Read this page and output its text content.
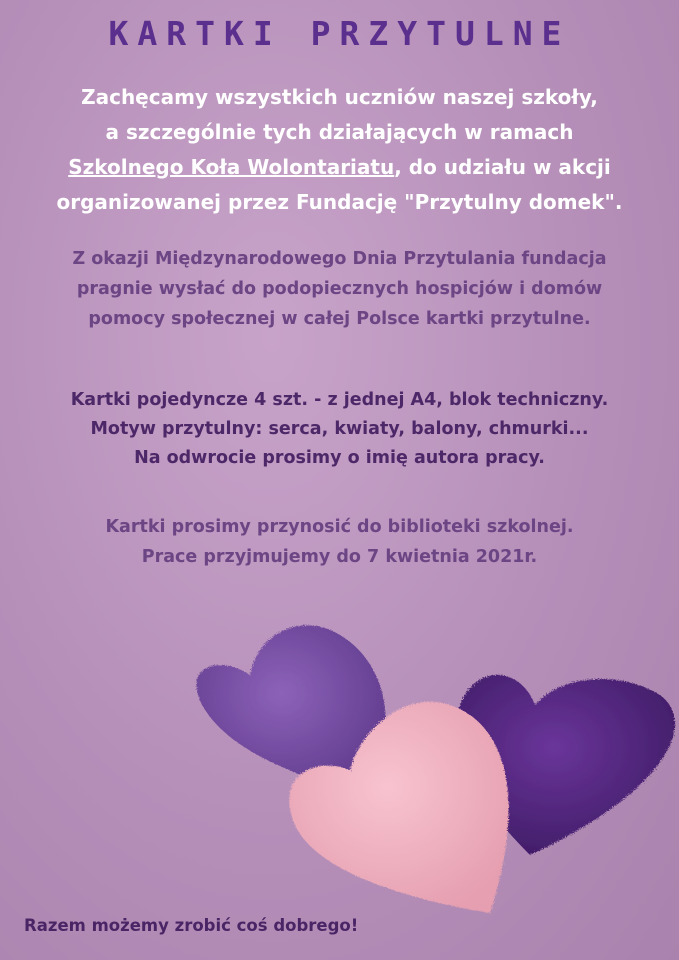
KARTKI PRZYTULNE
Zachęcamy wszystkich uczniów naszej szkoły,
a szczególnie tych działających w ramach
Szkolnego Koła Wolontariatu, do udziału w akcji
organizowanej przez Fundację "Przytulny domek".
Z okazji Międzynarodowego Dnia Przytulania fundacja
pragnie wysłać do podopiecznych hospicjów i domów
pomocy społecznej w całej Polsce kartki przytulne.
Kartki pojedyncze 4 szt. - z jednej A4, blok techniczny.
Motyw przytulny: serca, kwiaty, balony, chmurki...
Na odwrocie prosimy o imię autora pracy.
Kartki prosimy przynosić do biblioteki szkolnej.
Prace przyjmujemy do 7 kwietnia 2021r.
Razem możemy zrobić coś dobrego!
